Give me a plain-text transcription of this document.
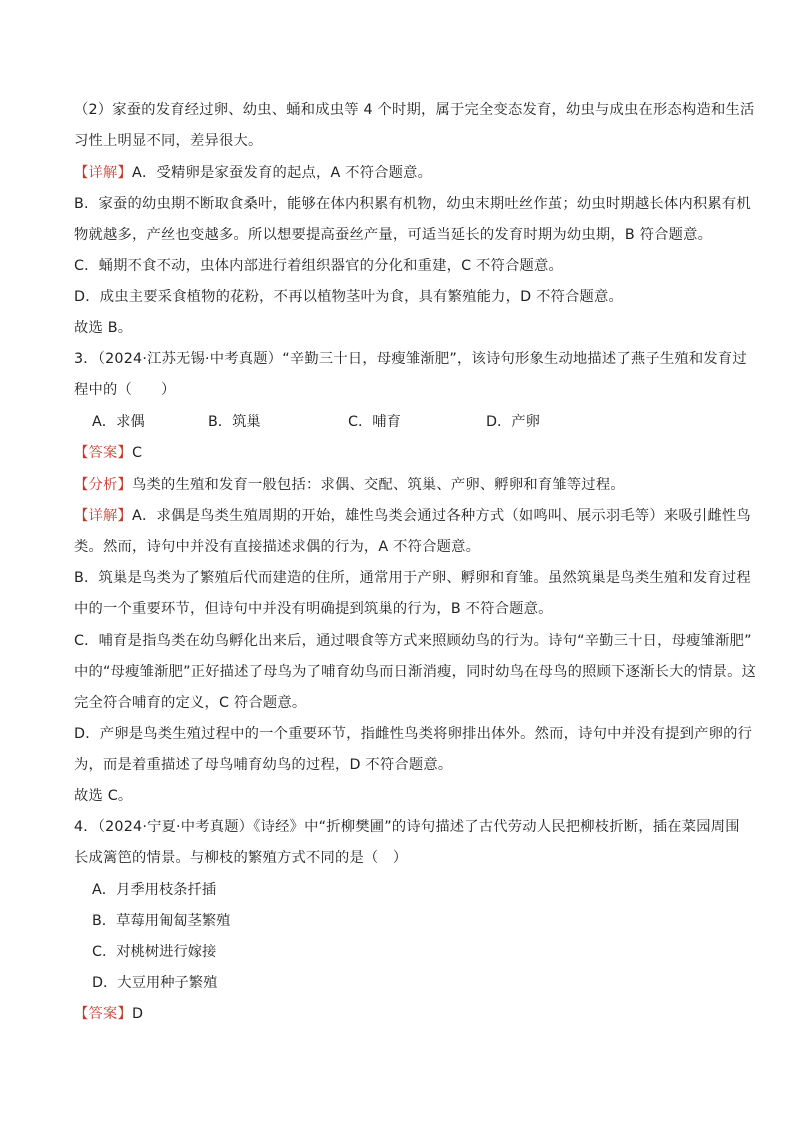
（2）家蚕的发育经过卵、幼虫、蛹和成虫等 4 个时期，属于完全变态发育，幼虫与成虫在形态构造和生活
习性上明显不同，差异很大。
【详解】A．受精卵是家蚕发育的起点，A 不符合题意。
B．家蚕的幼虫期不断取食桑叶，能够在体内积累有机物，幼虫末期吐丝作茧；幼虫时期越长体内积累有机
物就越多，产丝也变越多。所以想要提高蚕丝产量，可适当延长的发育时期为幼虫期，B 符合题意。
C．蛹期不食不动，虫体内部进行着组织器官的分化和重建，C 不符合题意。
D．成虫主要采食植物的花粉，不再以植物茎叶为食，具有繁殖能力，D 不符合题意。
故选 B。
3．（2024·江苏无锡·中考真题）“辛勤三十日，母瘦雏渐肥”，该诗句形象生动地描述了燕子生殖和发育过
程中的（　　）
A．求偶	B．筑巢	C．哺育	D．产卵
【答案】C
【分析】鸟类的生殖和发育一般包括：求偶、交配、筑巢、产卵、孵卵和育雏等过程。
【详解】A．求偶是鸟类生殖周期的开始，雄性鸟类会通过各种方式（如鸣叫、展示羽毛等）来吸引雌性鸟
类。然而，诗句中并没有直接描述求偶的行为，A 不符合题意。
B．筑巢是鸟类为了繁殖后代而建造的住所，通常用于产卵、孵卵和育雏。虽然筑巢是鸟类生殖和发育过程
中的一个重要环节，但诗句中并没有明确提到筑巢的行为，B 不符合题意。
C．哺育是指鸟类在幼鸟孵化出来后，通过喂食等方式来照顾幼鸟的行为。诗句“辛勤三十日，母瘦雏渐肥”
中的“母瘦雏渐肥”正好描述了母鸟为了哺育幼鸟而日渐消瘦，同时幼鸟在母鸟的照顾下逐渐长大的情景。这
完全符合哺育的定义，C 符合题意。
D．产卵是鸟类生殖过程中的一个重要环节，指雌性鸟类将卵排出体外。然而，诗句中并没有提到产卵的行
为，而是着重描述了母鸟哺育幼鸟的过程，D 不符合题意。
故选 C。
4．（2024·宁夏·中考真题）《诗经》中“折柳樊圃”的诗句描述了古代劳动人民把柳枝折断，插在菜园周围
长成篱笆的情景。与柳枝的繁殖方式不同的是（　）
A．月季用枝条扦插
B．草莓用匍匐茎繁殖
C．对桃树进行嫁接
D．大豆用种子繁殖
【答案】D
